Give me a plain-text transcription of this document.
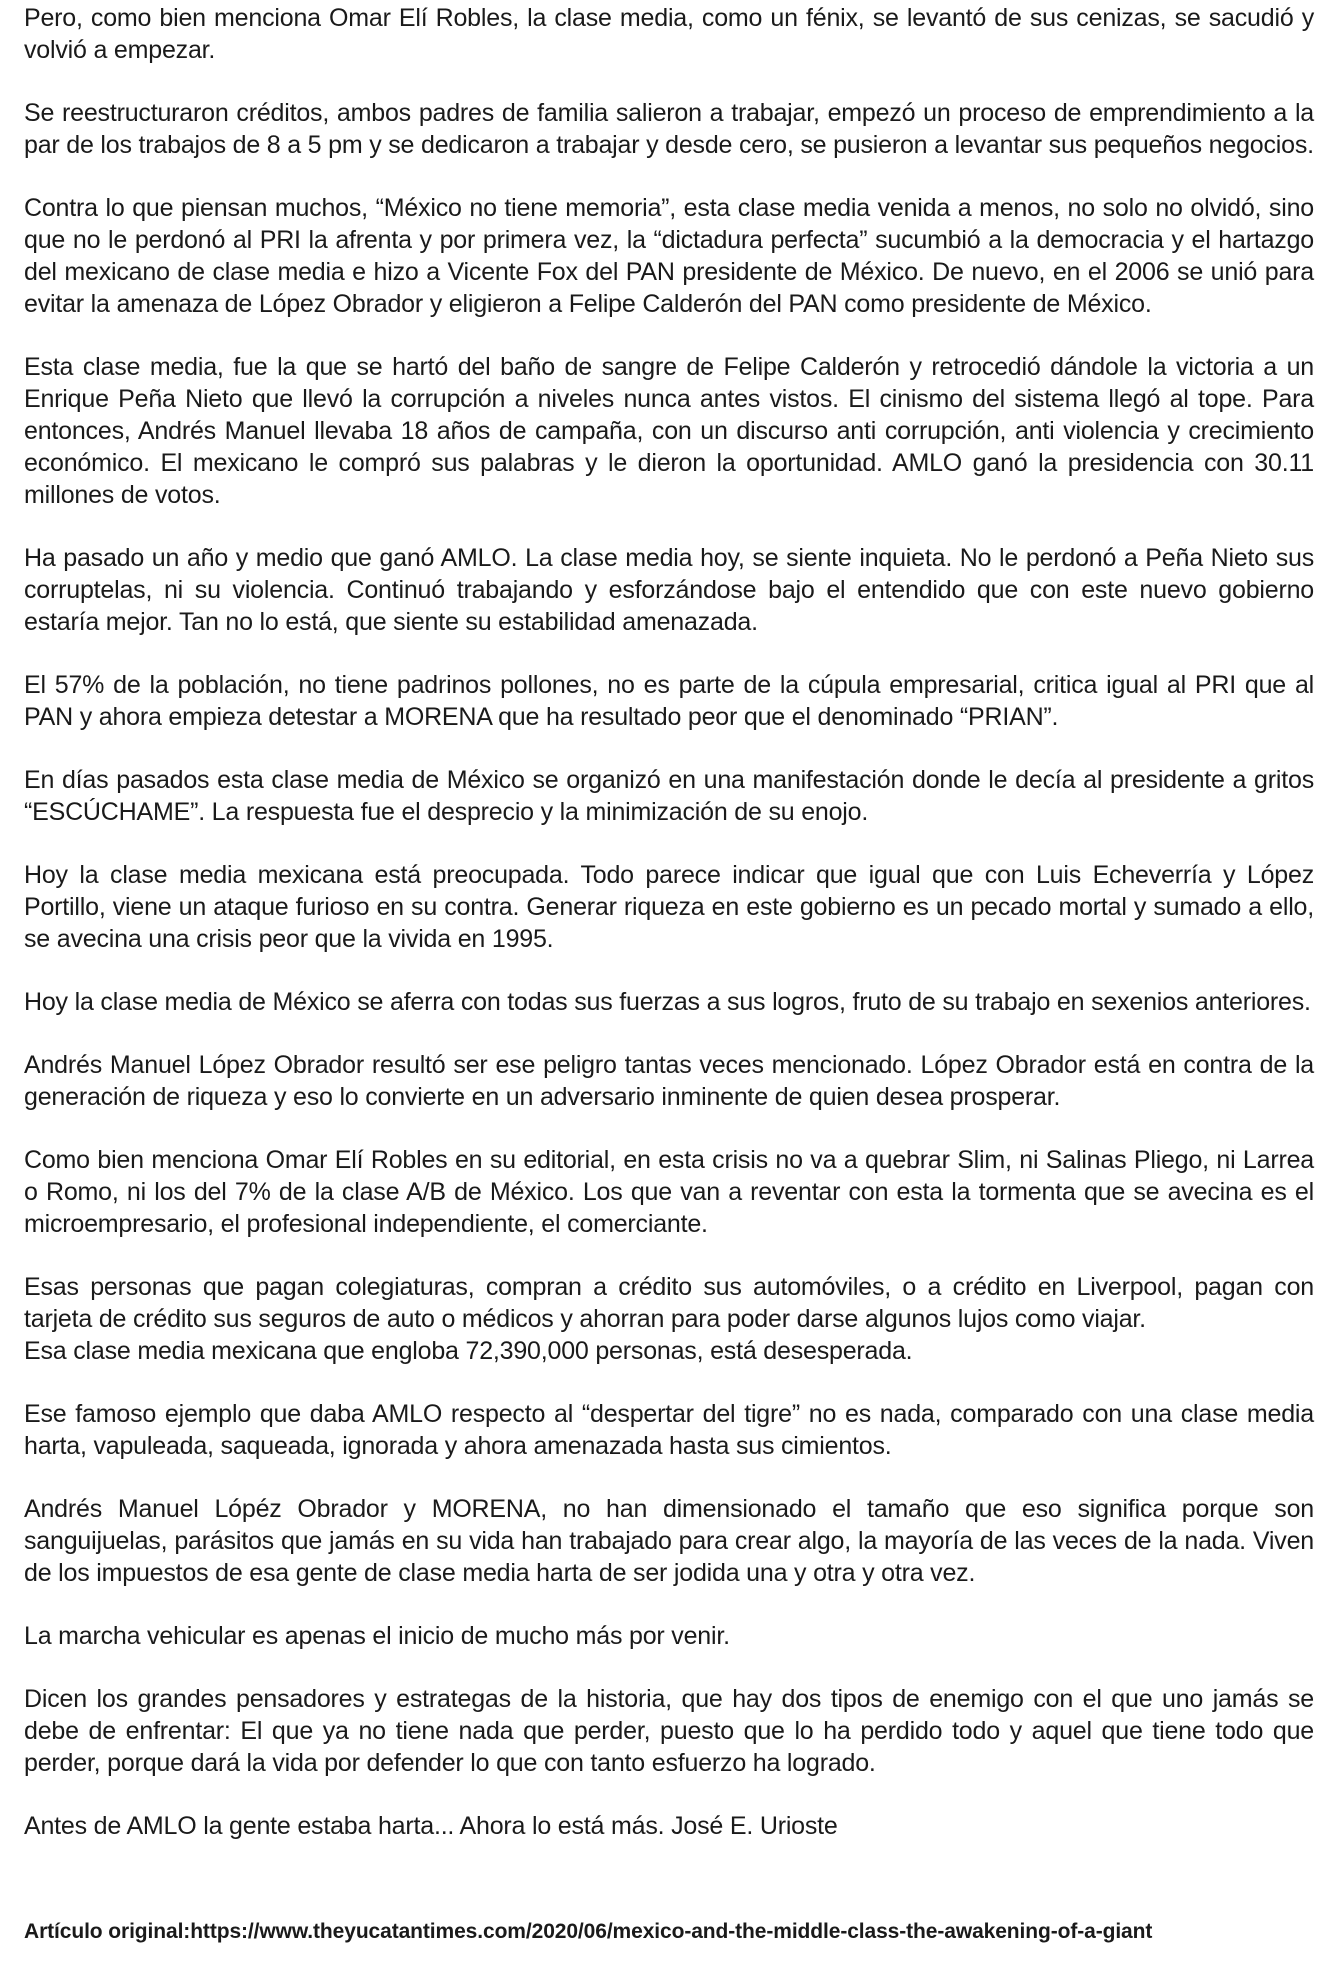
Pero, como bien menciona Omar Elí Robles, la clase media, como un fénix, se levantó de sus cenizas, se sacudió y volvió a empezar.

Se reestructuraron créditos, ambos padres de familia salieron a trabajar, empezó un proceso de emprendimiento a la par de los trabajos de 8 a 5 pm y se dedicaron a trabajar y desde cero, se pusieron a levantar sus pequeños negocios.

Contra lo que piensan muchos, “México no tiene memoria”, esta clase media venida a menos, no solo no olvidó, sino que no le perdonó al PRI la afrenta y por primera vez, la “dictadura perfecta” sucumbió a la democracia y el hartazgo del mexicano de clase media e hizo a Vicente Fox del PAN presidente de México. De nuevo, en el 2006 se unió para evitar la amenaza de López Obrador y eligieron a Felipe Calderón del PAN como presidente de México.

Esta clase media, fue la que se hartó del baño de sangre de Felipe Calderón y retrocedió dándole la victoria a un Enrique Peña Nieto que llevó la corrupción a niveles nunca antes vistos. El cinismo del sistema llegó al tope. Para entonces, Andrés Manuel llevaba 18 años de campaña, con un discurso anti corrupción, anti violencia y crecimiento económico. El mexicano le compró sus palabras y le dieron la oportunidad. AMLO ganó la presidencia con 30.11 millones de votos.

Ha pasado un año y medio que ganó AMLO. La clase media hoy, se siente inquieta. No le perdonó a Peña Nieto sus corruptelas, ni su violencia. Continuó trabajando y esforzándose bajo el entendido que con este nuevo gobierno estaría mejor. Tan no lo está, que siente su estabilidad amenazada.

El 57% de la población, no tiene padrinos pollones, no es parte de la cúpula empresarial, critica igual al PRI que al PAN y ahora empieza detestar a MORENA que ha resultado peor que el denominado “PRIAN”.

En días pasados esta clase media de México se organizó en una manifestación donde le decía al presidente a gritos “ESCÚCHAME”. La respuesta fue el desprecio y la minimización de su enojo.

Hoy la clase media mexicana está preocupada. Todo parece indicar que igual que con Luis Echeverría y López Portillo, viene un ataque furioso en su contra. Generar riqueza en este gobierno es un pecado mortal y sumado a ello, se avecina una crisis peor que la vivida en 1995.

Hoy la clase media de México se aferra con todas sus fuerzas a sus logros, fruto de su trabajo en sexenios anteriores.

Andrés Manuel López Obrador resultó ser ese peligro tantas veces mencionado. López Obrador está en contra de la generación de riqueza y eso lo convierte en un adversario inminente de quien desea prosperar.

Como bien menciona Omar Elí Robles en su editorial, en esta crisis no va a quebrar Slim, ni Salinas Pliego, ni Larrea o Romo, ni los del 7% de la clase A/B de México. Los que van a reventar con esta la tormenta que se avecina es el microempresario, el profesional independiente, el comerciante.

Esas personas que pagan colegiaturas, compran a crédito sus automóviles, o a crédito en Liverpool, pagan con tarjeta de crédito sus seguros de auto o médicos y ahorran para poder darse algunos lujos como viajar.

Esa clase media mexicana que engloba 72,390,000 personas, está desesperada.

Ese famoso ejemplo que daba AMLO respecto al “despertar del tigre” no es nada, comparado con una clase media harta, vapuleada, saqueada, ignorada y ahora amenazada hasta sus cimientos.

Andrés Manuel Lópéz Obrador y MORENA, no han dimensionado el tamaño que eso significa porque son sanguijuelas, parásitos que jamás en su vida han trabajado para crear algo, la mayoría de las veces de la nada. Viven de los impuestos de esa gente de clase media harta de ser jodida una y otra y otra vez.

La marcha vehicular es apenas el inicio de mucho más por venir.

Dicen los grandes pensadores y estrategas de la historia, que hay dos tipos de enemigo con el que uno jamás se debe de enfrentar: El que ya no tiene nada que perder, puesto que lo ha perdido todo y aquel que tiene todo que perder, porque dará la vida por defender lo que con tanto esfuerzo ha logrado.

Antes de AMLO la gente estaba harta... Ahora lo está más. José E. Urioste

Artículo original:https://www.theyucatantimes.com/2020/06/mexico-and-the-middle-class-the-awakening-of-a-giant
